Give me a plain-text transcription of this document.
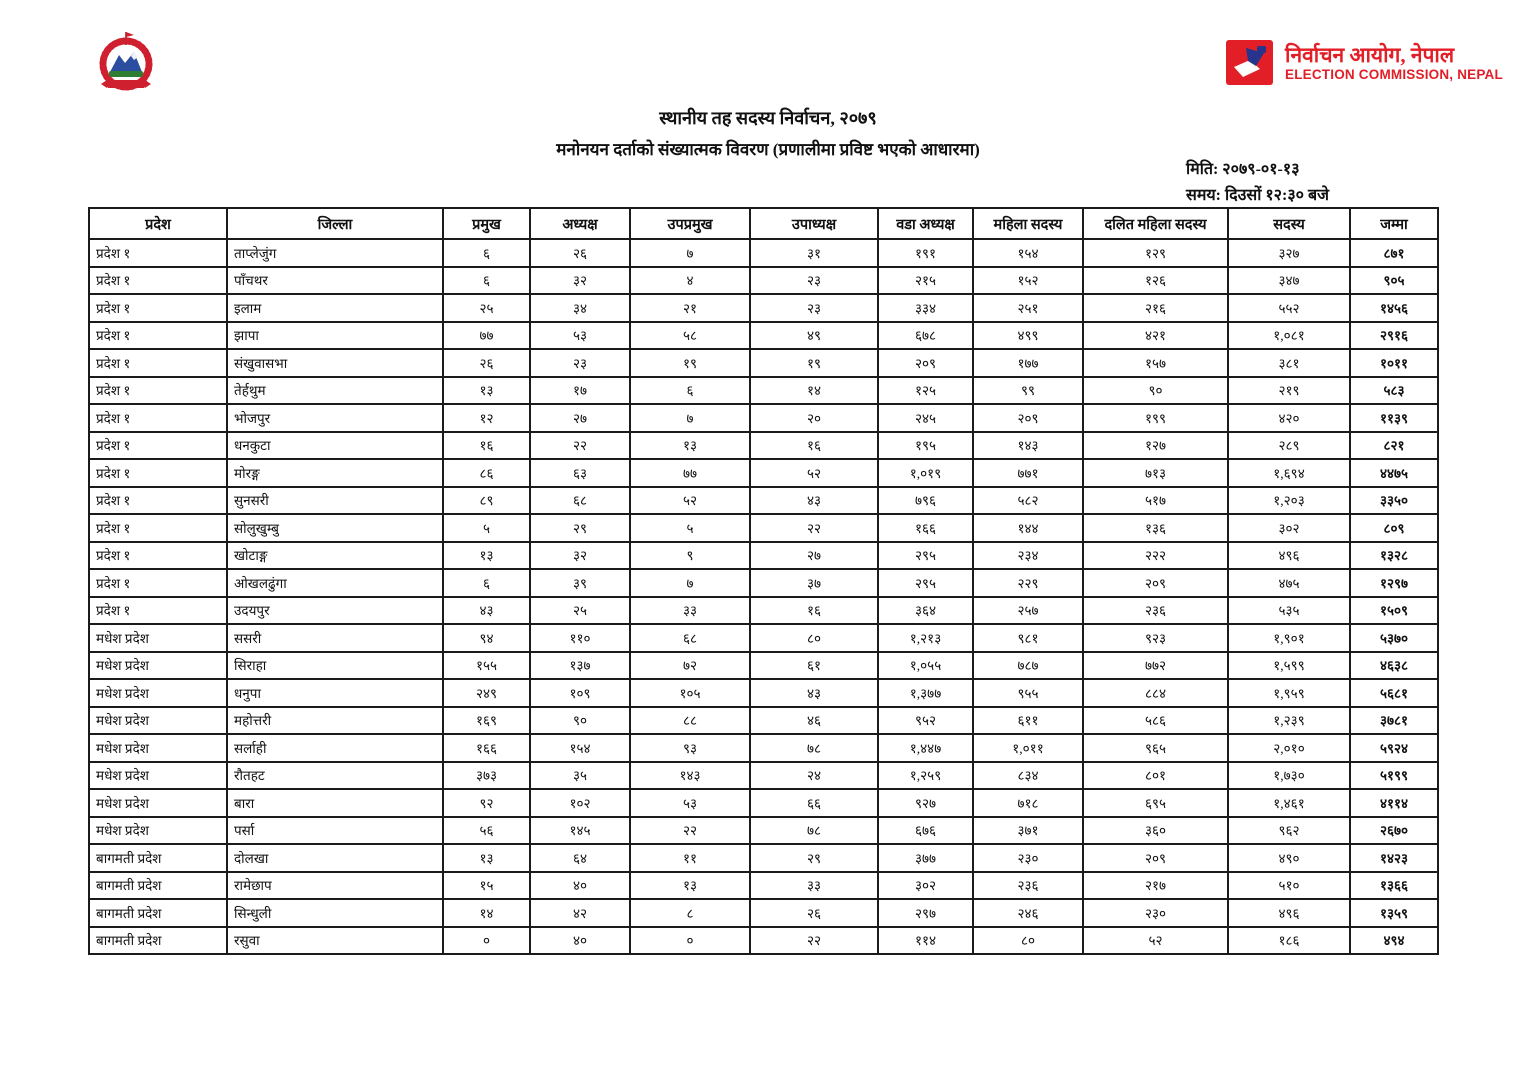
निर्वाचन आयोग, नेपाल
ELECTION COMMISSION, NEPAL
स्थानीय तह सदस्य निर्वाचन, २०७९
मनोनयन दर्ताको संख्यात्मक विवरण (प्रणालीमा प्रविष्ट भएको आधारमा)
मिति: २०७९-०१-१३
समय: दिउसों १२:३० बजे
प्रदेश	जिल्ला	प्रमुख	अध्यक्ष	उपप्रमुख	उपाध्यक्ष	वडा अध्यक्ष	महिला सदस्य	दलित महिला सदस्य	सदस्य	जम्मा
प्रदेश १	ताप्लेजुंग	६	२६	७	३१	१९१	१५४	१२९	३२७	८७१
प्रदेश १	पाँचथर	६	३२	४	२३	२१५	१५२	१२६	३४७	९०५
प्रदेश १	इलाम	२५	३४	२१	२३	३३४	२५१	२१६	५५२	१४५६
प्रदेश १	झापा	७७	५३	५८	४९	६७८	४९९	४२१	१,०८१	२९१६
प्रदेश १	संखुवासभा	२६	२३	१९	१९	२०९	१७७	१५७	३८१	१०११
प्रदेश १	तेर्हथुम	१३	१७	६	१४	१२५	९९	९०	२१९	५८३
प्रदेश १	भोजपुर	१२	२७	७	२०	२४५	२०९	१९९	४२०	११३९
प्रदेश १	धनकुटा	१६	२२	१३	१६	१९५	१४३	१२७	२८९	८२१
प्रदेश १	मोरङ्ग	८६	६३	७७	५२	१,०१९	७७१	७१३	१,६९४	४४७५
प्रदेश १	सुनसरी	८९	६८	५२	४३	७९६	५८२	५१७	१,२०३	३३५०
प्रदेश १	सोलुखुम्बु	५	२९	५	२२	१६६	१४४	१३६	३०२	८०९
प्रदेश १	खोटाङ्ग	१३	३२	९	२७	२९५	२३४	२२२	४९६	१३२८
प्रदेश १	ओखलढुंगा	६	३९	७	३७	२९५	२२९	२०९	४७५	१२९७
प्रदेश १	उदयपुर	४३	२५	३३	१६	३६४	२५७	२३६	५३५	१५०९
मधेश प्रदेश	ससरी	९४	११०	६८	८०	१,२१३	९८१	९२३	१,९०१	५३७०
मधेश प्रदेश	सिराहा	१५५	१३७	७२	६१	१,०५५	७८७	७७२	१,५९९	४६३८
मधेश प्रदेश	धनुपा	२४९	१०९	१०५	४३	१,३७७	९५५	८८४	१,९५९	५६८१
मधेश प्रदेश	महोत्तरी	१६९	९०	८८	४६	९५२	६११	५८६	१,२३९	३७८१
मधेश प्रदेश	सर्लाही	१६६	१५४	९३	७८	१,४४७	१,०११	९६५	२,०१०	५९२४
मधेश प्रदेश	रौतहट	३७३	३५	१४३	२४	१,२५९	८३४	८०१	१,७३०	५१९९
मधेश प्रदेश	बारा	९२	१०२	५३	६६	९२७	७१८	६९५	१,४६१	४११४
मधेश प्रदेश	पर्सा	५६	१४५	२२	७८	६७६	३७१	३६०	९६२	२६७०
बागमती प्रदेश	दोलखा	१३	६४	११	२९	३७७	२३०	२०९	४९०	१४२३
बागमती प्रदेश	रामेछाप	१५	४०	१३	३३	३०२	२३६	२१७	५१०	१३६६
बागमती प्रदेश	सिन्धुली	१४	४२	८	२६	२९७	२४६	२३०	४९६	१३५९
बागमती प्रदेश	रसुवा	०	४०	०	२२	११४	८०	५२	१८६	४९४
